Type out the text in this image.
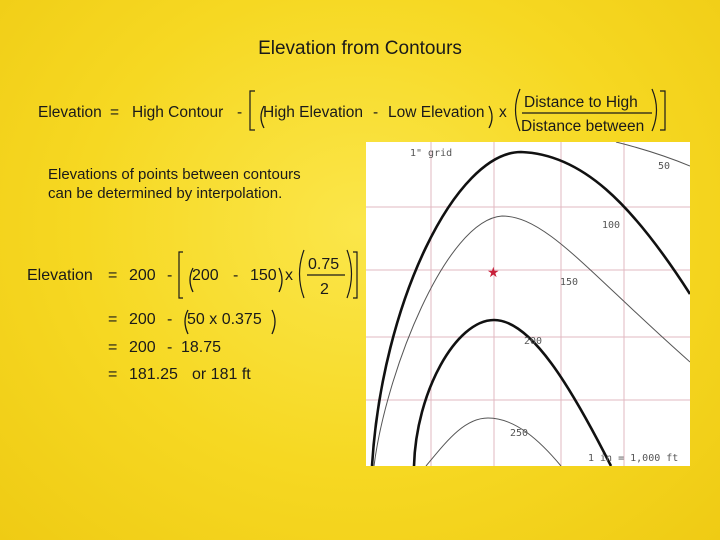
Elevation from Contours
Elevation = High Contour - High Elevation - Low Elevation x
Distance to High
Distance between
Elevations of points between contours
can be determined by interpolation.
Elevation = 200 - 200 - 150 x
0.75
2
= 200 - 50 x 0.375
= 200 - 18.75
= 181.25 or 181 ft
1" grid
50
100
150
200
250
★
1 in = 1,000 ft
